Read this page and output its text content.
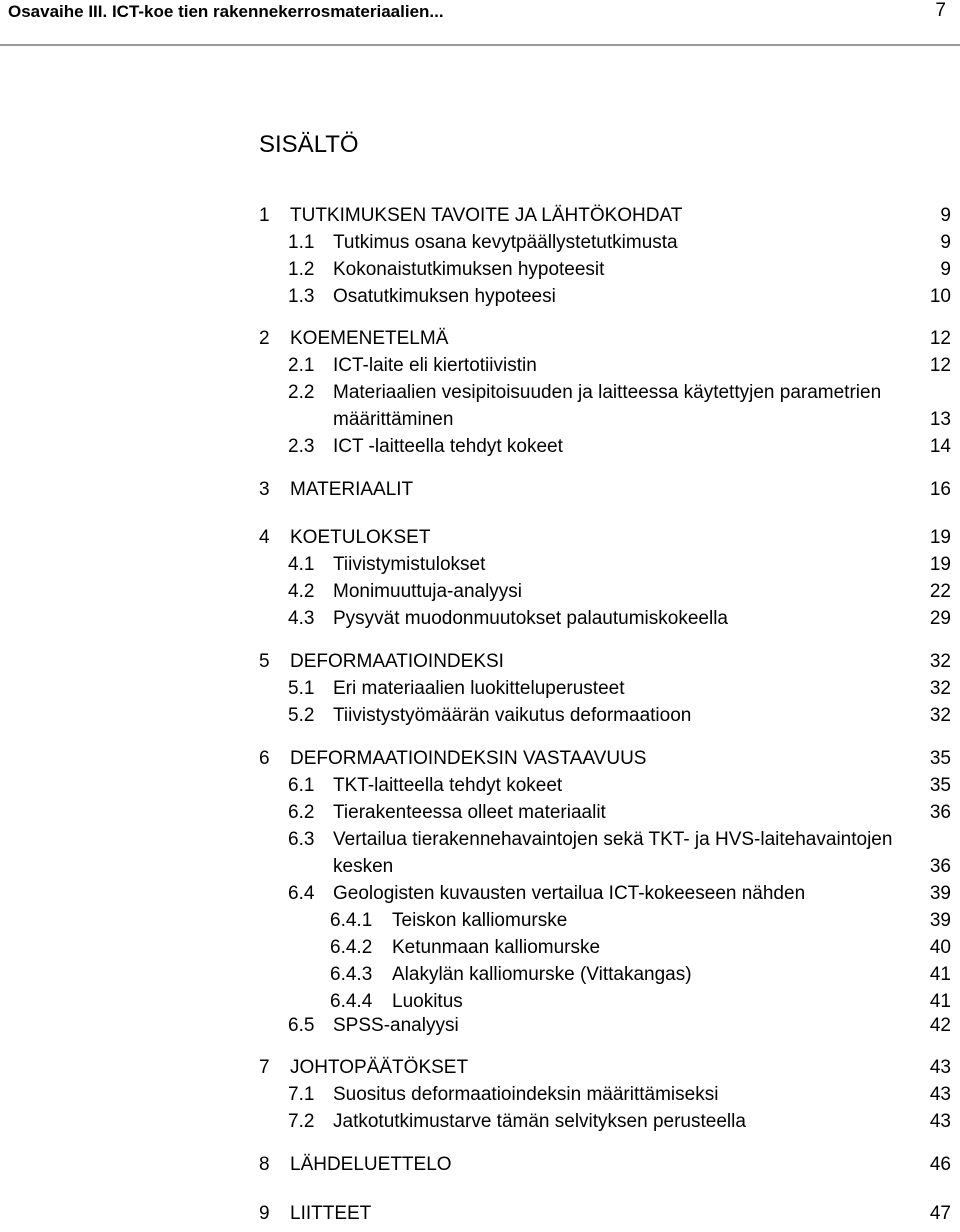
Osavaihe III. ICT-koe tien rakennekerrosmateriaalien...	7
SISÄLTÖ
1 TUTKIMUKSEN TAVOITE JA LÄHTÖKOHDAT	9
1.1 Tutkimus osana kevytpäällystetutkimusta	9
1.2 Kokonaistutkimuksen hypoteesit	9
1.3 Osatutkimuksen hypoteesi	10
2 KOEMENETELMÄ	12
2.1 ICT-laite eli kiertotiivistin	12
2.2 Materiaalien vesipitoisuuden ja laitteessa käytettyjen parametrien
määrittäminen	13
2.3 ICT -laitteella tehdyt kokeet	14
3 MATERIAALIT	16
4 KOETULOKSET	19
4.1 Tiivistymistulokset	19
4.2 Monimuuttuja-analyysi	22
4.3 Pysyvät muodonmuutokset palautumiskokeella	29
5 DEFORMAATIOINDEKSI	32
5.1 Eri materiaalien luokitteluperusteet	32
5.2 Tiivistystyömäärän vaikutus deformaatioon	32
6 DEFORMAATIOINDEKSIN VASTAAVUUS	35
6.1 TKT-laitteella tehdyt kokeet	35
6.2 Tierakenteessa olleet materiaalit	36
6.3 Vertailua tierakennehavaintojen sekä TKT- ja HVS-laitehavaintojen
kesken	36
6.4 Geologisten kuvausten vertailua ICT-kokeeseen nähden	39
6.4.1 Teiskon kalliomurske	39
6.4.2 Ketunmaan kalliomurske	40
6.4.3 Alakylän kalliomurske (Vittakangas)	41
6.4.4 Luokitus	41
6.5 SPSS-analyysi	42
7 JOHTOPÄÄTÖKSET	43
7.1 Suositus deformaatioindeksin määrittämiseksi	43
7.2 Jatkotutkimustarve tämän selvityksen perusteella	43
8 LÄHDELUETTELO	46
9 LIITTEET	47
